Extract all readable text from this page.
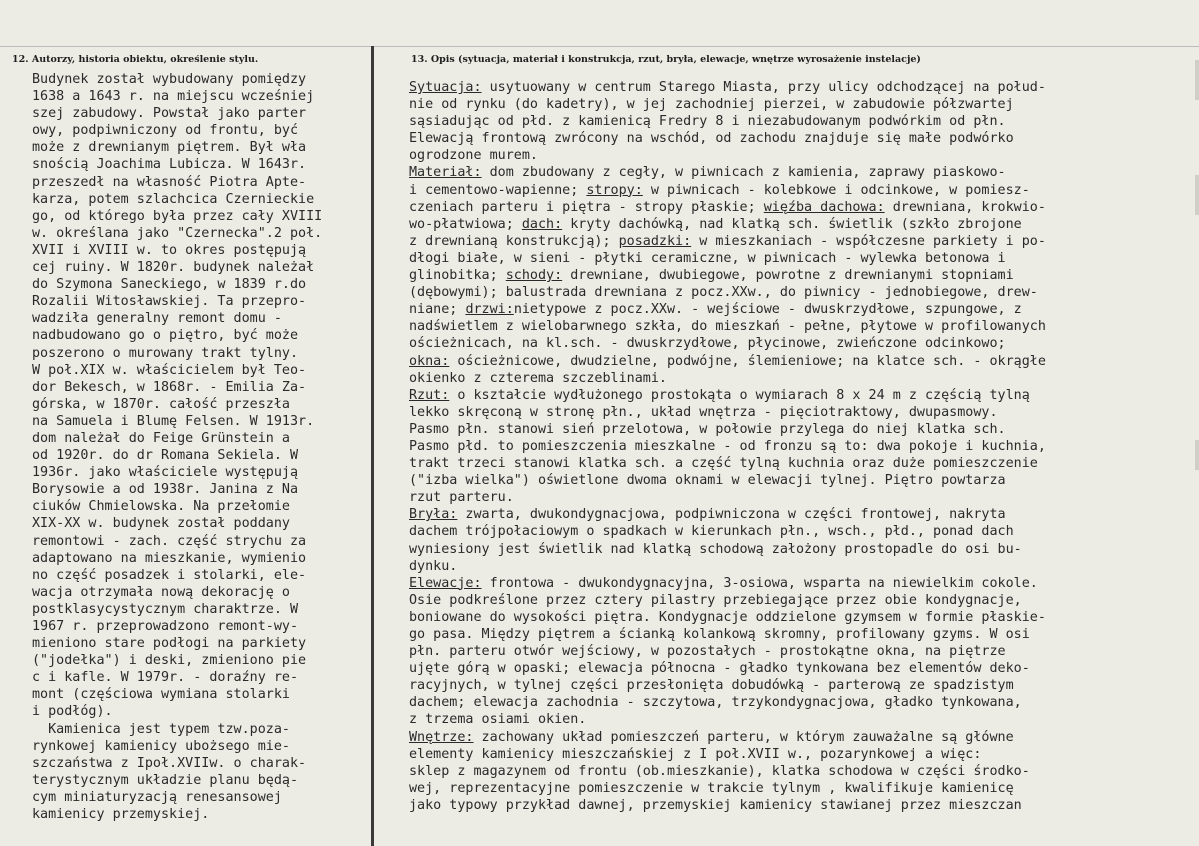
12. Autorzy, historia obiektu, określenie stylu.	13. Opis (sytuacja, materiał i konstrukcja, rzut, bryła, elewacje, wnętrze wyrosażenie instelacje)
Budynek został wybudowany pomiędzy
1638 a 1643 r. na miejscu wcześniej
szej zabudowy. Powstał jako parter
owy, podpiwniczony od frontu, być
może z drewnianym piętrem. Był wła
snością Joachima Lubicza. W 1643r.
przeszedł na własność Piotra Apte-
karza, potem szlachcica Czernieckie
go, od którego była przez cały XVIII
w. określana jako "Czernecka".2 poł.
XVII i XVIII w. to okres postępują
cej ruiny. W 1820r. budynek należał
do Szymona Saneckiego, w 1839 r.do
Rozalii Witosławskiej. Ta przepro-
wadziła generalny remont domu -
nadbudowano go o piętro, być może
poszerono o murowany trakt tylny.
W poł.XIX w. właścicielem był Teo-
dor Bekesch, w 1868r. - Emilia Za-
górska, w 1870r. całość przeszła
na Samuela i Blumę Felsen. W 1913r.
dom należał do Feige Grünstein a
od 1920r. do dr Romana Sekiela. W
1936r. jako właściciele występują
Borysowie a od 1938r. Janina z Na
ciuków Chmielowska. Na przełomie
XIX-XX w. budynek został poddany
remontowi - zach. część strychu za
adaptowano na mieszkanie, wymienio
no część posadzek i stolarki, ele-
wacja otrzymała nową dekorację o
postklasycystycznym charaktrze. W
1967 r. przeprowadzono remont-wy-
mieniono stare podłogi na parkiety
("jodełka") i deski, zmieniono pie
c i kafle. W 1979r. - doraźny re-
mont (częściowa wymiana stolarki
i podłóg).
Kamienica jest typem tzw.poza-
rynkowej kamienicy ubożsego mie-
szczaństwa z Ipoł.XVIIw. o charak-
terystycznym układzie planu będą-
cym miniaturyzacją renesansowej
kamienicy przemyskiej.
Sytuacja: usytuowany w centrum Starego Miasta, przy ulicy odchodzącej na połud-
nie od rynku (do kadetry), w jej zachodniej pierzei, w zabudowie półzwartej
sąsiadując od płd. z kamienicą Fredry 8 i niezabudowanym podwórkim od płn.
Elewacją frontową zwrócony na wschód, od zachodu znajduje się małe podwórko
ogrodzone murem.
Materiał: dom zbudowany z cegły, w piwnicach z kamienia, zaprawy piaskowo-
i cementowo-wapienne; stropy: w piwnicach - kolebkowe i odcinkowe, w pomiesz-
czeniach parteru i piętra - stropy płaskie; więźba dachowa: drewniana, krokwio-
wo-płatwiowa; dach: kryty dachówką, nad klatką sch. świetlik (szkło zbrojone
z drewnianą konstrukcją); posadzki: w mieszkaniach - współczesne parkiety i po-
dłogi białe, w sieni - płytki ceramiczne, w piwnicach - wylewka betonowa i
glinobitka; schody: drewniane, dwubiegowe, powrotne z drewnianymi stopniami
(dębowymi); balustrada drewniana z pocz.XXw., do piwnicy - jednobiegowe, drew-
niane; drzwi:nietypowe z pocz.XXw. - wejściowe - dwuskrzydłowe, szpungowe, z
nadświetlem z wielobarwnego szkła, do mieszkań - pełne, płytowe w profilowanych
ościeżnicach, na kl.sch. - dwuskrzydłowe, płycinowe, zwieńczone odcinkowo;
okna: ościeżnicowe, dwudzielne, podwójne, ślemieniowe; na klatce sch. - okrągłe
okienko z czterema szczeblinami.
Rzut: o kształcie wydłużonego prostokąta o wymiarach 8 x 24 m z częścią tylną
lekko skręconą w stronę płn., układ wnętrza - pięciotraktowy, dwupasmowy.
Pasmo płn. stanowi sień przelotowa, w połowie przylega do niej klatka sch.
Pasmo płd. to pomieszczenia mieszkalne - od fronzu są to: dwa pokoje i kuchnia,
trakt trzeci stanowi klatka sch. a część tylną kuchnia oraz duże pomieszczenie
("izba wielka") oświetlone dwoma oknami w elewacji tylnej. Piętro powtarza
rzut parteru.
Bryła: zwarta, dwukondygnacjowa, podpiwniczona w części frontowej, nakryta
dachem trójpołaciowym o spadkach w kierunkach płn., wsch., płd., ponad dach
wyniesiony jest świetlik nad klatką schodową założony prostopadle do osi bu-
dynku.
Elewacje: frontowa - dwukondygnacyjna, 3-osiowa, wsparta na niewielkim cokole.
Osie podkreślone przez cztery pilastry przebiegające przez obie kondygnacje,
boniowane do wysokości piętra. Kondygnacje oddzielone gzymsem w formie płaskie-
go pasa. Między piętrem a ścianką kolankową skromny, profilowany gzyms. W osi
płn. parteru otwór wejściowy, w pozostałych - prostokątne okna, na piętrze
ujęte górą w opaski; elewacja północna - gładko tynkowana bez elementów deko-
racyjnych, w tylnej części przesłonięta dobudówką - parterową ze spadzistym
dachem; elewacja zachodnia - szczytowa, trzykondygnacjowa, gładko tynkowana,
z trzema osiami okien.
Wnętrze: zachowany układ pomieszczeń parteru, w którym zauważalne są główne
elementy kamienicy mieszczańskiej z I poł.XVII w., pozarynkowej a więc:
sklep z magazynem od frontu (ob.mieszkanie), klatka schodowa w części środko-
wej, reprezentacyjne pomieszczenie w trakcie tylnym , kwalifikuje kamienicę
jako typowy przykład dawnej, przemyskiej kamienicy stawianej przez mieszczan
